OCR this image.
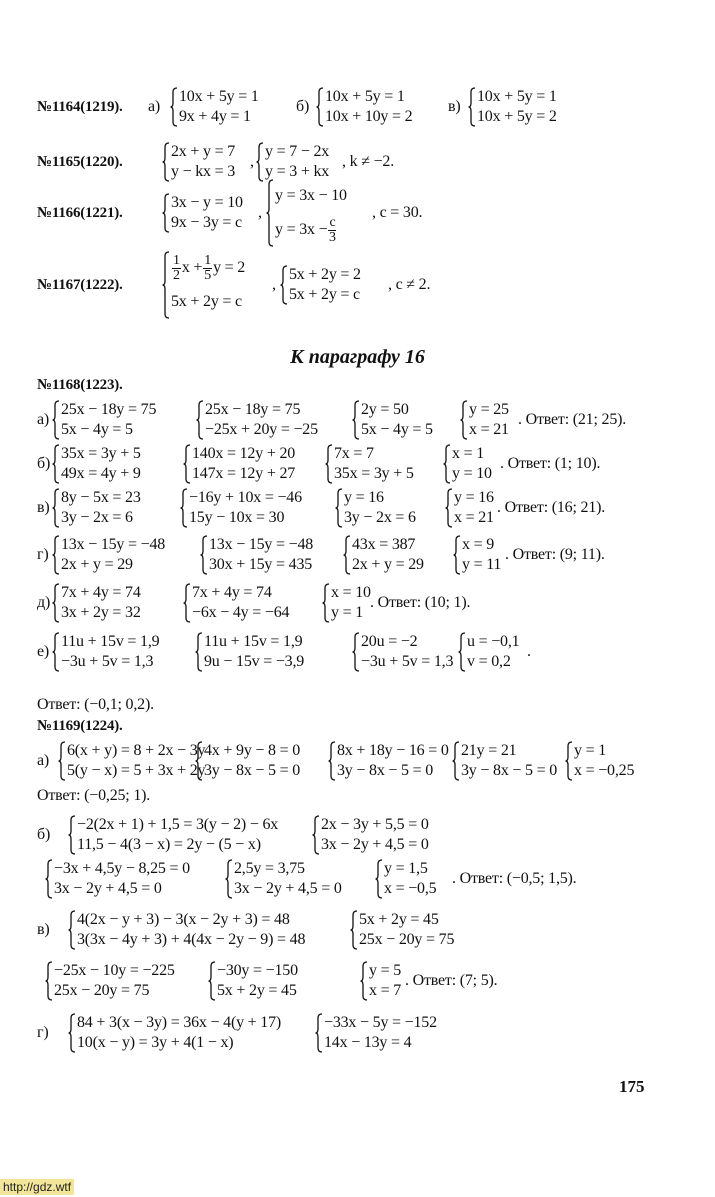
№1164(1219). а)
10x + 5y = 1
9x + 4y = 1
б)
10x + 5y = 1
10x + 10y = 2
в)
10x + 5y = 1
10x + 5y = 2
№1165(1220).
2x + y = 7
y − kx = 3
,
y = 7 − 2x
y = 3 + kx
, k ≠ −2.
№1166(1221).
3x − y = 10
9x − 3y = c
,
y = 3x − 10
$y = 3x - \frac{c}{3}$
, c = 30.
№1167(1222).
$\frac{1}{2}$ $x + \frac{1}{5}$ y = 2
5x + 2y = c
,
5x + 2y = 2
5x + 2y = c
, c ≠ 2.
№1168(1223).
а)
25x − 18y = 75
5x − 4y = 5
25x − 18y = 75
−25x + 20y = −25
2y = 50
5x − 4y = 5
y = 25
x = 21
. Ответ: (21; 25).
б)
35x = 3y + 5
49x = 4y + 9
140x = 12y + 20
147x = 12y + 27
7x = 7
35x = 3y + 5
x = 1
y = 10
. Ответ: (1; 10).
в)
8y − 5x = 23
3y − 2x = 6
−16y + 10x = −46
15y − 10x = 30
y = 16
3y − 2x = 6
y = 16
x = 21
. Ответ: (16; 21).
г)
13x − 15y = −48
2x + y = 29
13x − 15y = −48
30x + 15y = 435
43x = 387
2x + y = 29
x = 9
y = 11
. Ответ: (9; 11).
д)
7x + 4y = 74
3x + 2y = 32
7x + 4y = 74
−6x − 4y = −64
x = 10
y = 1
. Ответ: (10; 1).
е)
11u + 15v = 1,9
−3u + 5v = 1,3
11u + 15v = 1,9
9u − 15v = −3,9
20u = −2
−3u + 5v = 1,3
u = −0,1
v = 0,2
.
Ответ: (−0,1; 0,2).
№1169(1224).
а)
6(x + y) = 8 + 2x − 3y
5(y − x) = 5 + 3x + 2y
4x + 9y − 8 = 0
3y − 8x − 5 = 0
8x + 18y − 16 = 0
3y − 8x − 5 = 0
21y = 21
3y − 8x − 5 = 0
y = 1
x = −0,25
Ответ: (−0,25; 1).
б)
−2(2x + 1) + 1,5 = 3(y − 2) − 6x
11,5 − 4(3 − x) = 2y − (5 − x)
2x − 3y + 5,5 = 0
3x − 2y + 4,5 = 0
−3x + 4,5y − 8,25 = 0
3x − 2y + 4,5 = 0
2,5y = 3,75
3x − 2y + 4,5 = 0
y = 1,5
x = −0,5
. Ответ: (−0,5; 1,5).
в)
4(2x − y + 3) − 3(x − 2y + 3) = 48
3(3x − 4y + 3) + 4(4x − 2y − 9) = 48
5x + 2y = 45
25x − 20y = 75
−25x − 10y = −225
25x − 20y = 75
−30y = −150
5x + 2y = 45
y = 5
x = 7
. Ответ: (7; 5).
г)
84 + 3(x − 3y) = 36x − 4(y + 17)
10(x − y) = 3y + 4(1 − x)
−33x − 5y = −152
14x − 13y = 4
К параграфу 16
175
http://gdz.wtf
